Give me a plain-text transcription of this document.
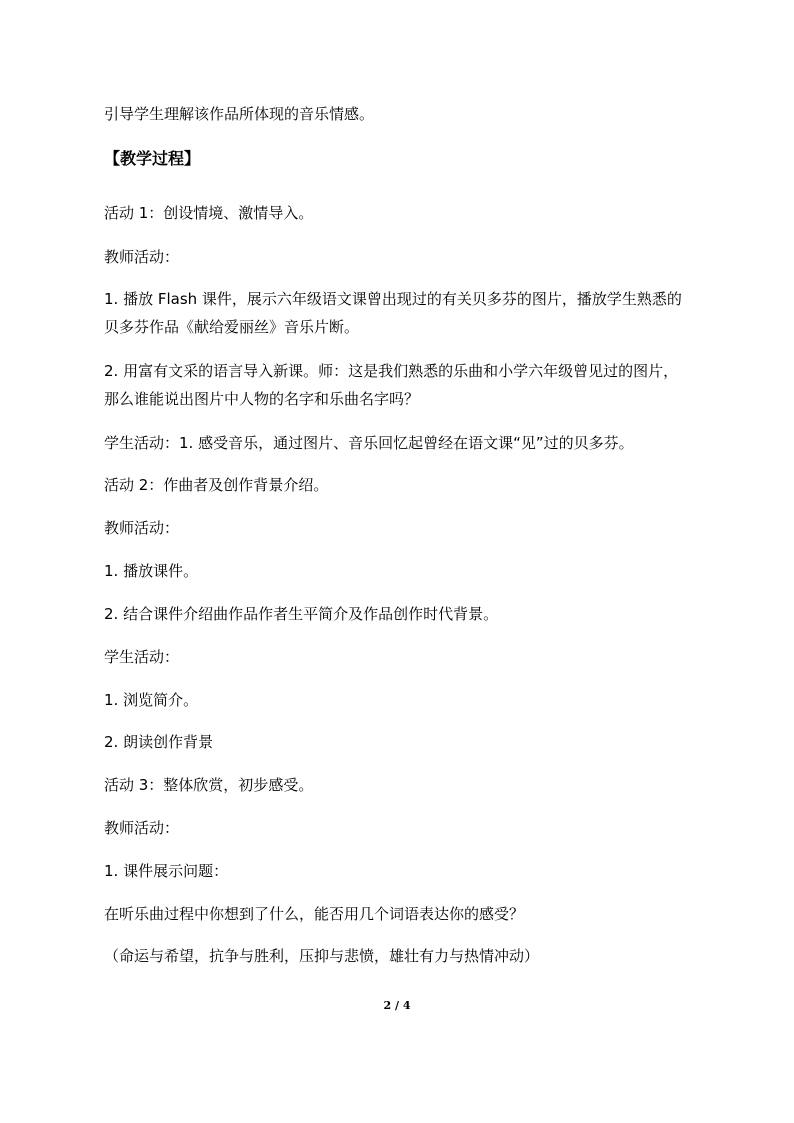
引导学生理解该作品所体现的音乐情感。
【教学过程】
活动 1：创设情境、激情导入。
教师活动：
1. 播放 Flash 课件，展示六年级语文课曾出现过的有关贝多芬的图片，播放学生熟悉的
贝多芬作品《献给爱丽丝》音乐片断。
2. 用富有文采的语言导入新课。师：这是我们熟悉的乐曲和小学六年级曾见过的图片，
那么谁能说出图片中人物的名字和乐曲名字吗？
学生活动：1. 感受音乐，通过图片、音乐回忆起曾经在语文课“见”过的贝多芬。
活动 2：作曲者及创作背景介绍。
教师活动：
1. 播放课件。
2. 结合课件介绍曲作品作者生平简介及作品创作时代背景。
学生活动：
1. 浏览简介。
2. 朗读创作背景
活动 3：整体欣赏，初步感受。
教师活动：
1. 课件展示问题：
在听乐曲过程中你想到了什么，能否用几个词语表达你的感受？
（命运与希望，抗争与胜利，压抑与悲愤，雄壮有力与热情冲动）
2 / 4
